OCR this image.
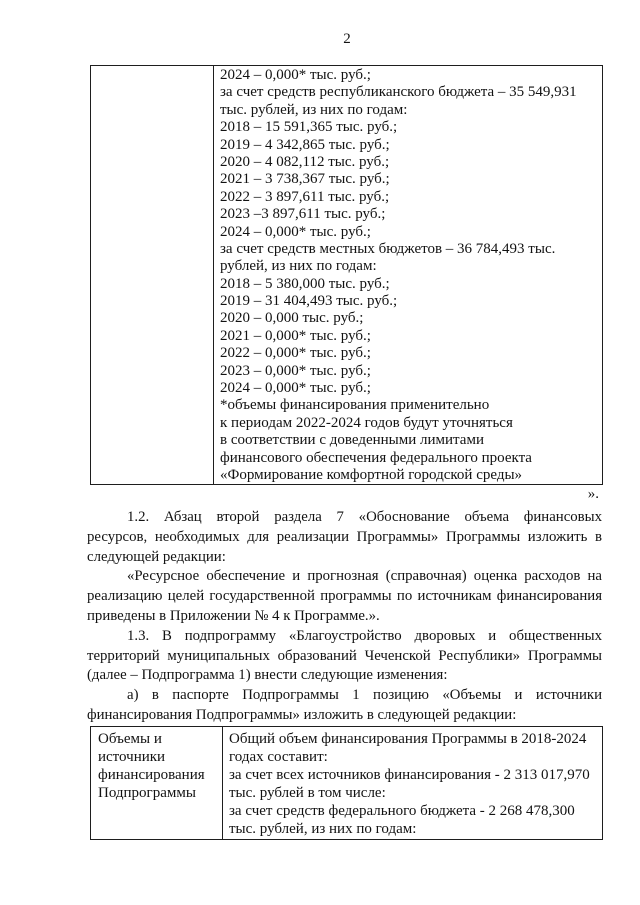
2
2024 – 0,000* тыс. руб.;
за счет средств республиканского бюджета – 35 549,931
тыс. рублей, из них по годам:
2018 – 15 591,365 тыс. руб.;
2019 – 4 342,865 тыс. руб.;
2020 – 4 082,112 тыс. руб.;
2021 – 3 738,367 тыс. руб.;
2022 – 3 897,611 тыс. руб.;
2023 –3 897,611 тыс. руб.;
2024 – 0,000* тыс. руб.;
за счет средств местных бюджетов – 36 784,493 тыс.
рублей, из них по годам:
2018 – 5 380,000 тыс. руб.;
2019 – 31 404,493 тыс. руб.;
2020 – 0,000 тыс. руб.;
2021 – 0,000* тыс. руб.;
2022 – 0,000* тыс. руб.;
2023 – 0,000* тыс. руб.;
2024 – 0,000* тыс. руб.;
*объемы финансирования применительно
к периодам 2022-2024 годов будут уточняться
в соответствии с доведенными лимитами
финансового обеспечения федерального проекта
«Формирование комфортной городской среды»
».
1.2. Абзац второй раздела 7 «Обоснование объема финансовых
ресурсов, необходимых для реализации Программы» Программы изложить в
следующей редакции:
«Ресурсное обеспечение и прогнозная (справочная) оценка расходов на
реализацию целей государственной программы по источникам финансирования
приведены в Приложении № 4 к Программе.».
1.3. В подпрограмму «Благоустройство дворовых и общественных
территорий муниципальных образований Чеченской Республики» Программы
(далее – Подпрограмма 1) внести следующие изменения:
а) в паспорте Подпрограммы 1 позицию «Объемы и источники
финансирования Подпрограммы» изложить в следующей редакции:
Объемы и
источники
финансирования
Подпрограммы
Общий объем финансирования Программы в 2018-2024
годах составит:
за счет всех источников финансирования - 2 313 017,970
тыс. рублей в том числе:
за счет средств федерального бюджета - 2 268 478,300
тыс. рублей, из них по годам:
